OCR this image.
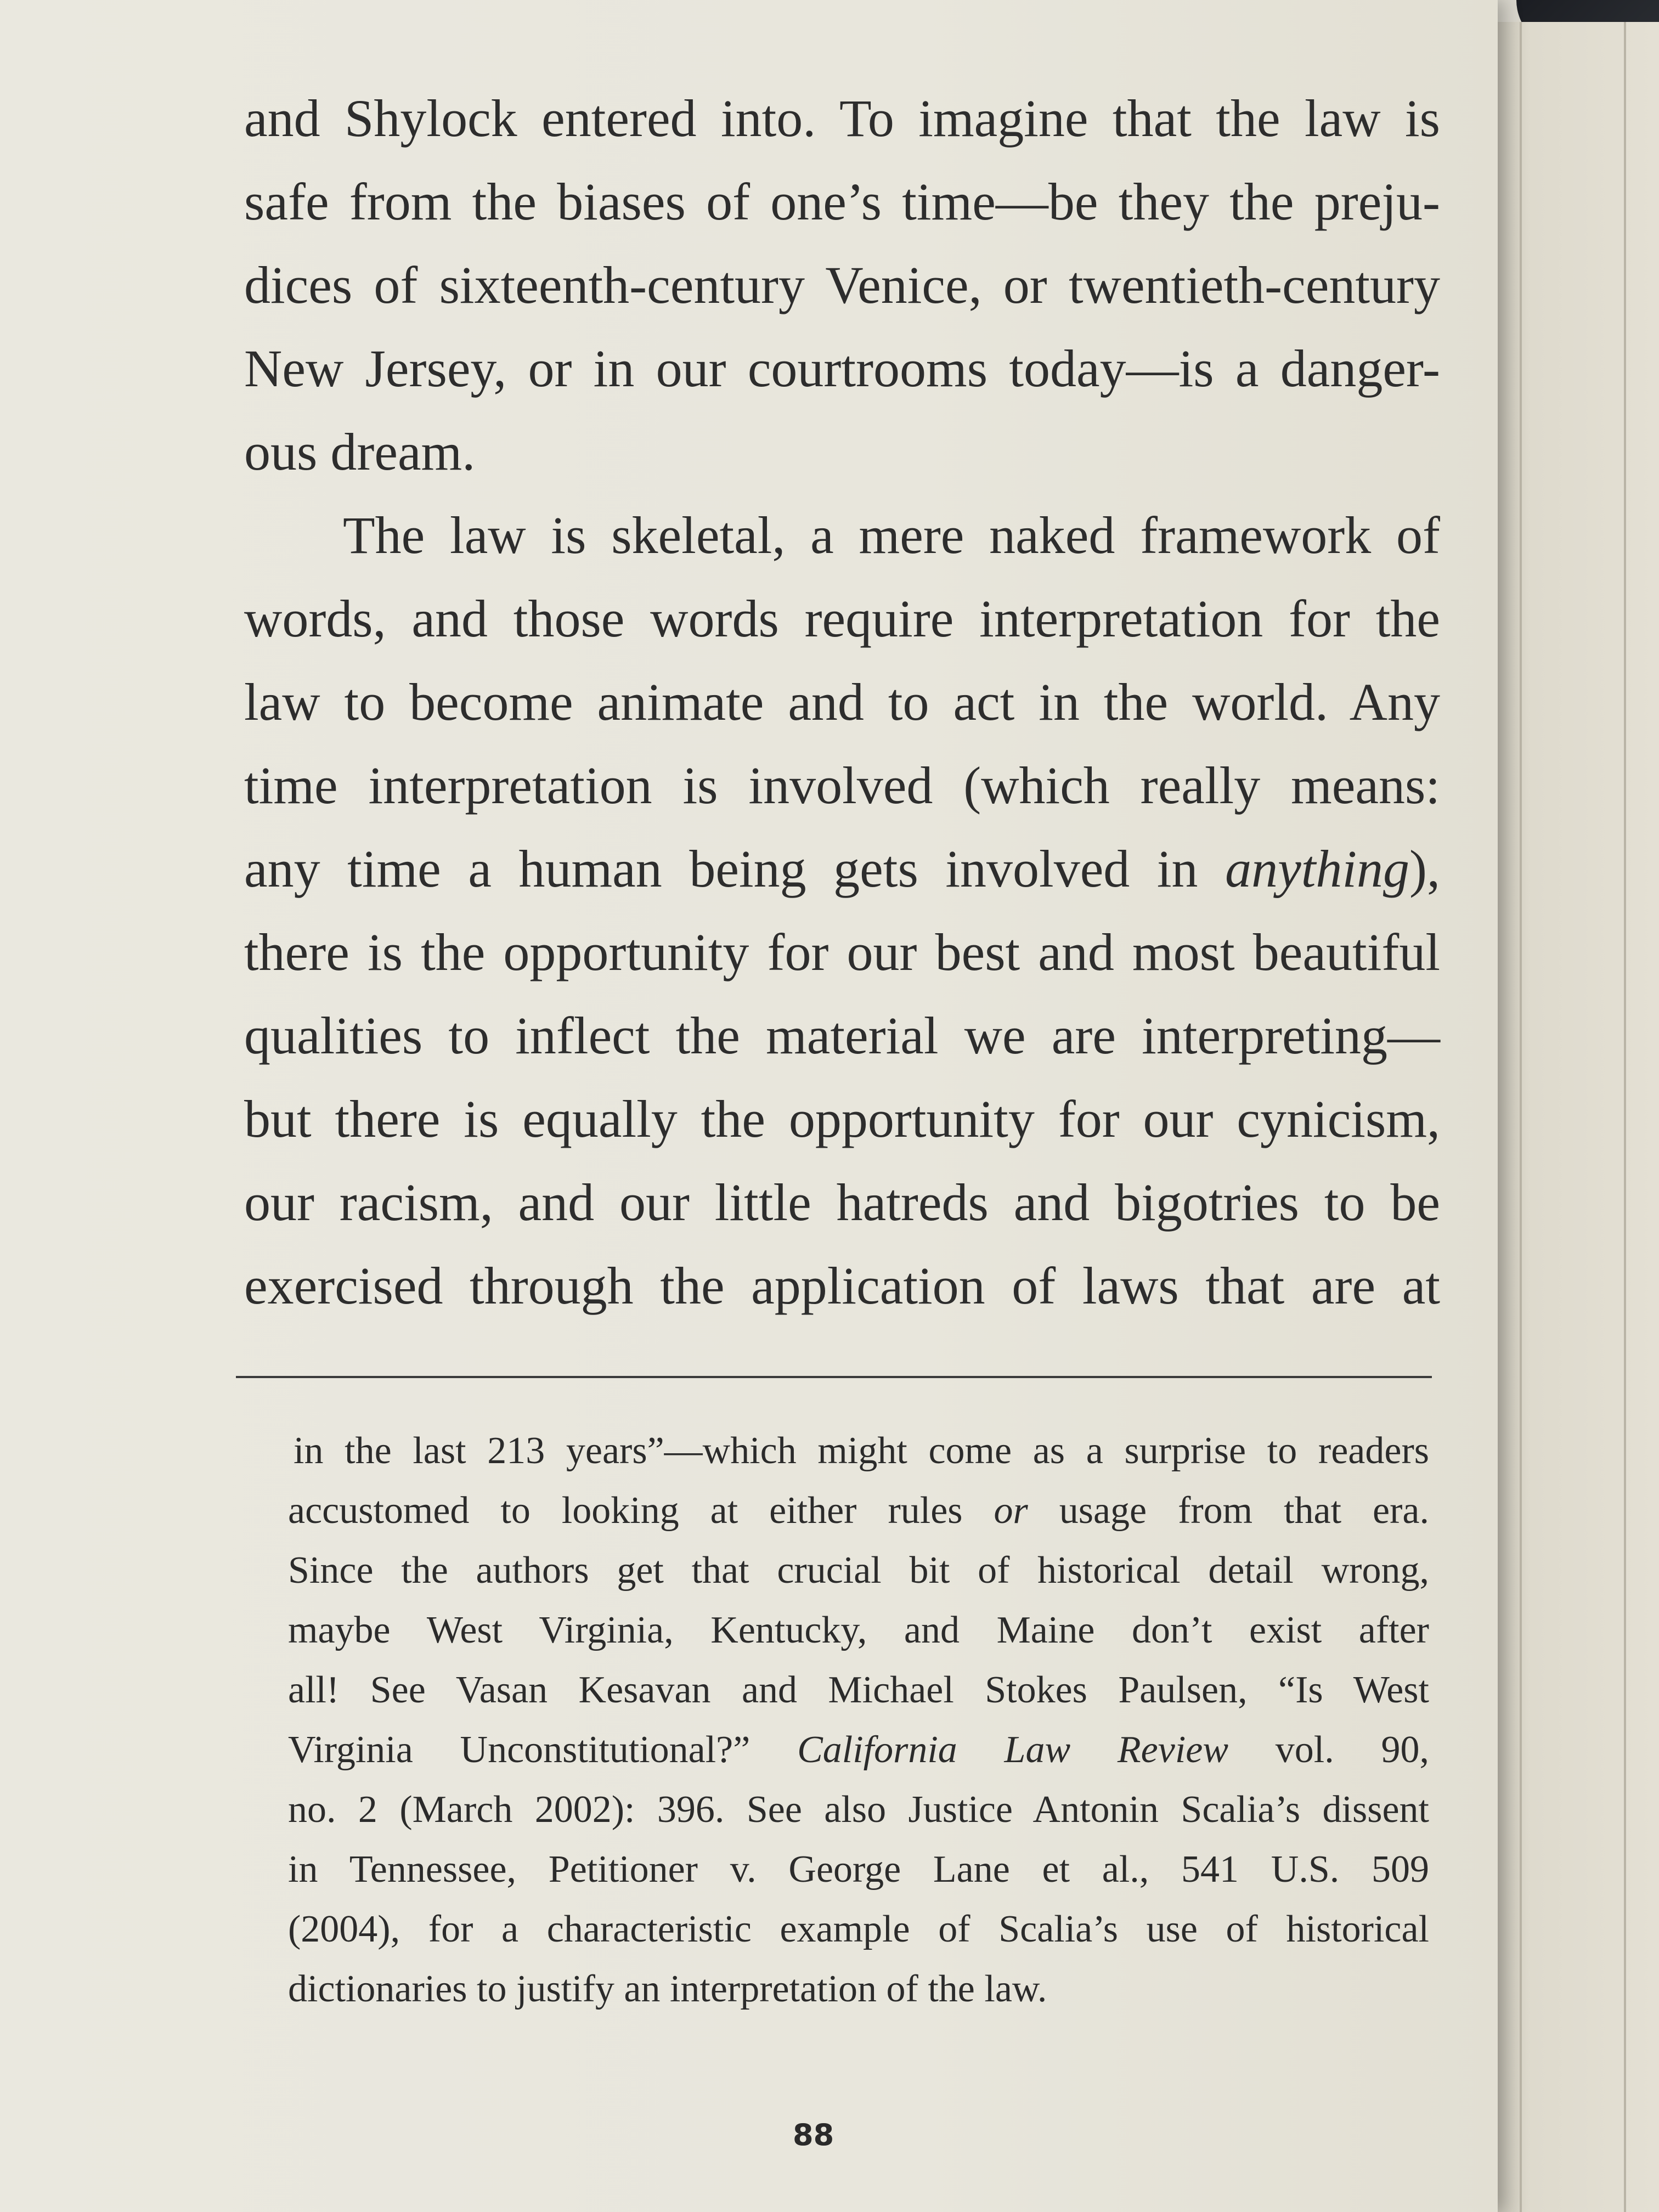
and Shylock entered into. To imagine that the law is
safe from the biases of one’s time—be they the preju-
dices of sixteenth-century Venice, or twentieth-century
New Jersey, or in our courtrooms today—is a danger-
ous dream.
The law is skeletal, a mere naked framework of
words, and those words require interpretation for the
law to become animate and to act in the world. Any
time interpretation is involved (which really means:
any time a human being gets involved in anything),
there is the opportunity for our best and most beautiful
qualities to inflect the material we are interpreting—
but there is equally the opportunity for our cynicism,
our racism, and our little hatreds and bigotries to be
exercised through the application of laws that are at
in the last 213 years”—which might come as a surprise to readers
accustomed to looking at either rules or usage from that era.
Since the authors get that crucial bit of historical detail wrong,
maybe West Virginia, Kentucky, and Maine don’t exist after
all! See Vasan Kesavan and Michael Stokes Paulsen, “Is West
Virginia Unconstitutional?” California Law Review vol. 90,
no. 2 (March 2002): 396. See also Justice Antonin Scalia’s dissent
in Tennessee, Petitioner v. George Lane et al., 541 U.S. 509
(2004), for a characteristic example of Scalia’s use of historical
dictionaries to justify an interpretation of the law.
88
